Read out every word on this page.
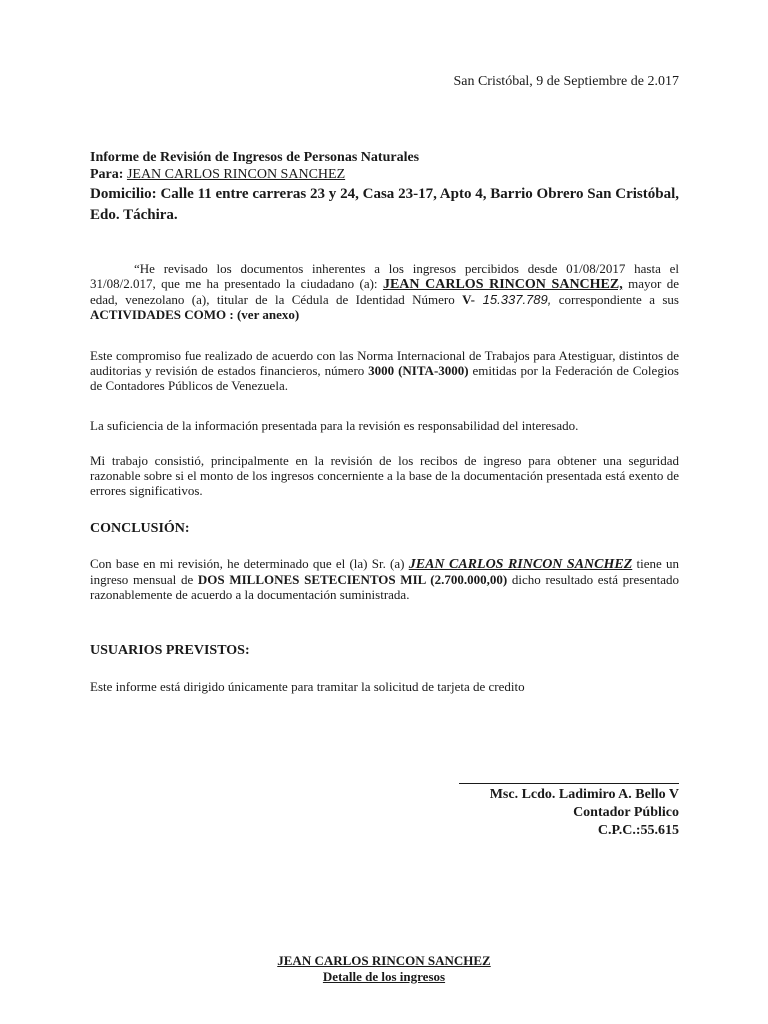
San Cristóbal, 9 de Septiembre de 2.017
Informe de Revisión de Ingresos de Personas Naturales
Para: JEAN CARLOS RINCON SANCHEZ
Domicilio: Calle 11 entre carreras 23 y 24, Casa 23-17, Apto 4, Barrio Obrero San Cristóbal, Edo. Táchira.
“He revisado los documentos inherentes a los ingresos percibidos desde 01/08/2017 hasta el 31/08/2.017, que me ha presentado la ciudadano (a): JEAN CARLOS RINCON SANCHEZ, mayor de edad, venezolano (a), titular de la Cédula de Identidad Número V- 15.337.789, correspondiente a sus ACTIVIDADES COMO : (ver anexo)
Este compromiso fue realizado de acuerdo con las Norma Internacional de Trabajos para Atestiguar, distintos de auditorias y revisión de estados financieros, número 3000 (NITA-3000) emitidas por la Federación de Colegios de Contadores Públicos de Venezuela.
La suficiencia de la información presentada para la revisión es responsabilidad del interesado.
Mi trabajo consistió, principalmente en la revisión de los recibos de ingreso para obtener una seguridad razonable sobre si el monto de los ingresos concerniente a la base de la documentación presentada está exento de errores significativos.
CONCLUSIÓN:
Con base en mi revisión, he determinado que el (la) Sr. (a) JEAN CARLOS RINCON SANCHEZ tiene un ingreso mensual de DOS MILLONES SETECIENTOS MIL (2.700.000,00) dicho resultado está presentado razonablemente de acuerdo a la documentación suministrada.
USUARIOS PREVISTOS:
Este informe está dirigido únicamente para tramitar la solicitud de tarjeta de credito
Msc. Lcdo. Ladimiro A. Bello V
Contador Público
C.P.C.:55.615
JEAN CARLOS RINCON SANCHEZ
Detalle de los ingresos
